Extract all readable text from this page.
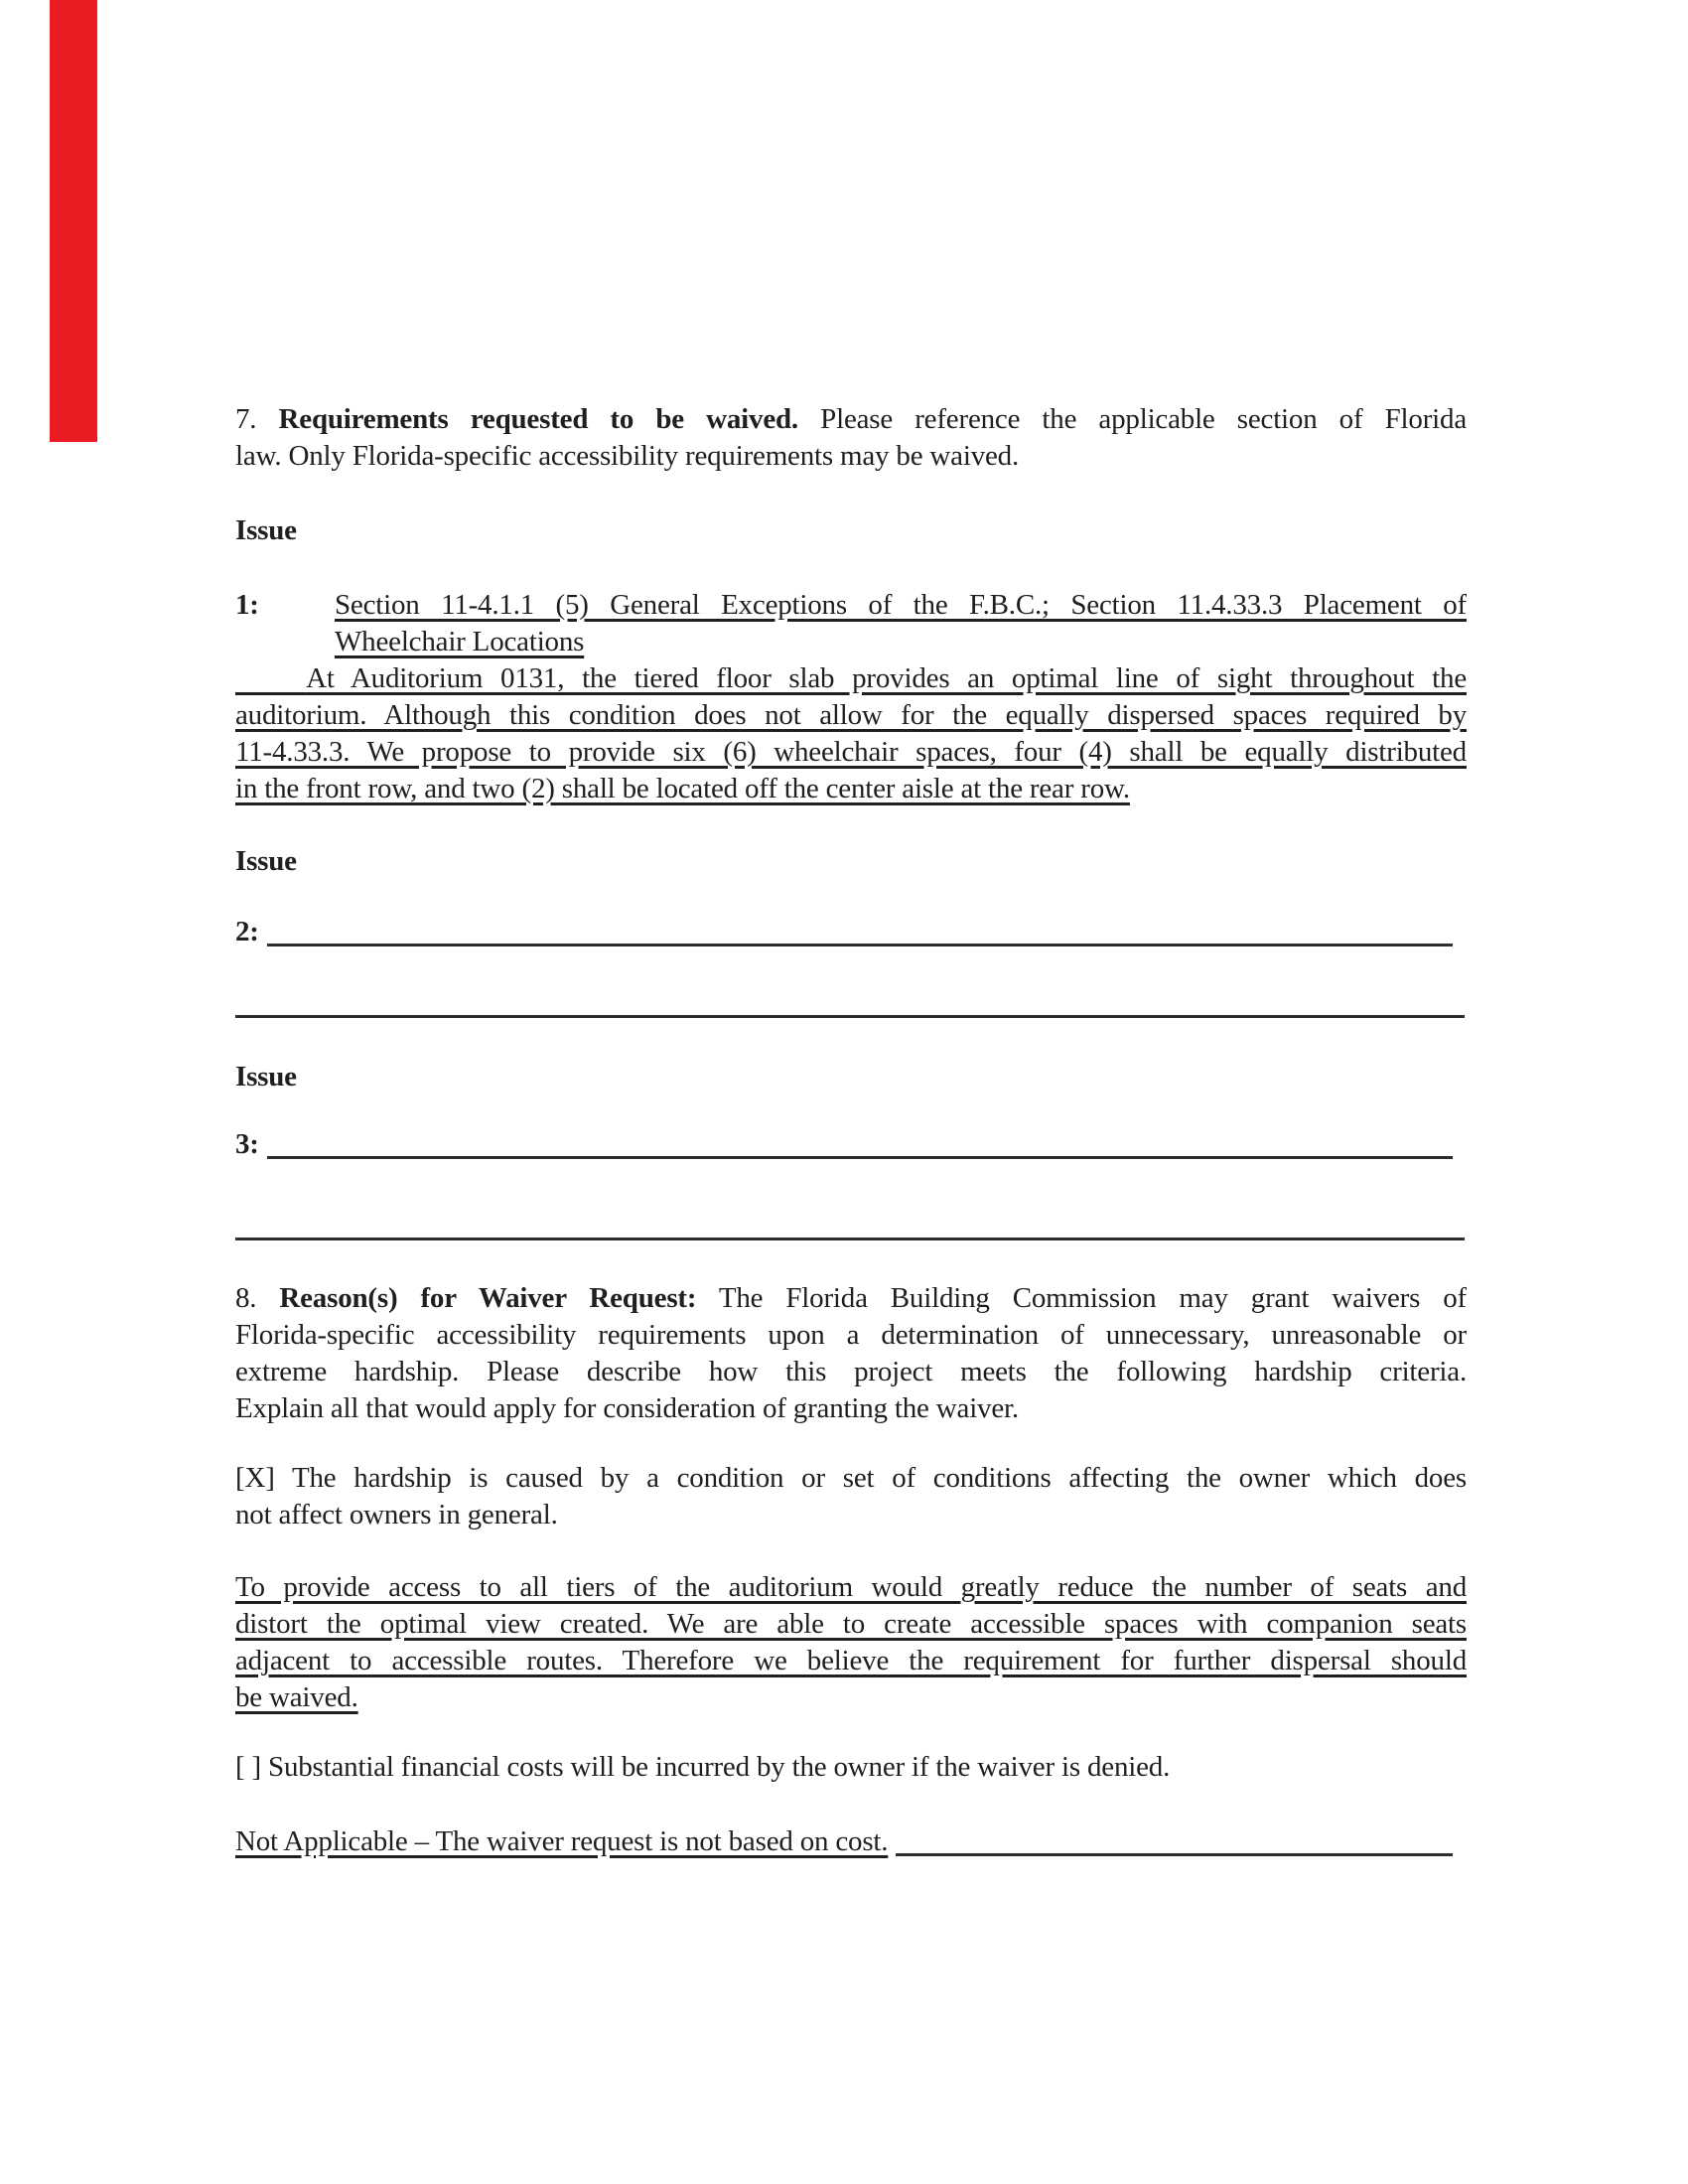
7. Requirements requested to be waived. Please reference the applicable section of Florida
law. Only Florida-specific accessibility requirements may be waived.
Issue
1:	Section 11-4.1.1 (5) General Exceptions of the F.B.C.; Section 11.4.33.3 Placement of
Wheelchair Locations
At Auditorium 0131, the tiered floor slab provides an optimal line of sight throughout the
auditorium. Although this condition does not allow for the equally dispersed spaces required by
11-4.33.3. We propose to provide six (6) wheelchair spaces, four (4) shall be equally distributed
in the front row, and two (2) shall be located off the center aisle at the rear row.
Issue
2:
Issue
3:
8. Reason(s) for Waiver Request: The Florida Building Commission may grant waivers of
Florida-specific accessibility requirements upon a determination of unnecessary, unreasonable or
extreme hardship. Please describe how this project meets the following hardship criteria.
Explain all that would apply for consideration of granting the waiver.
[X] The hardship is caused by a condition or set of conditions affecting the owner which does
not affect owners in general.
To provide access to all tiers of the auditorium would greatly reduce the number of seats and
distort the optimal view created. We are able to create accessible spaces with companion seats
adjacent to accessible routes. Therefore we believe the requirement for further dispersal should
be waived.
[ ] Substantial financial costs will be incurred by the owner if the waiver is denied.
Not Applicable – The waiver request is not based on cost.
